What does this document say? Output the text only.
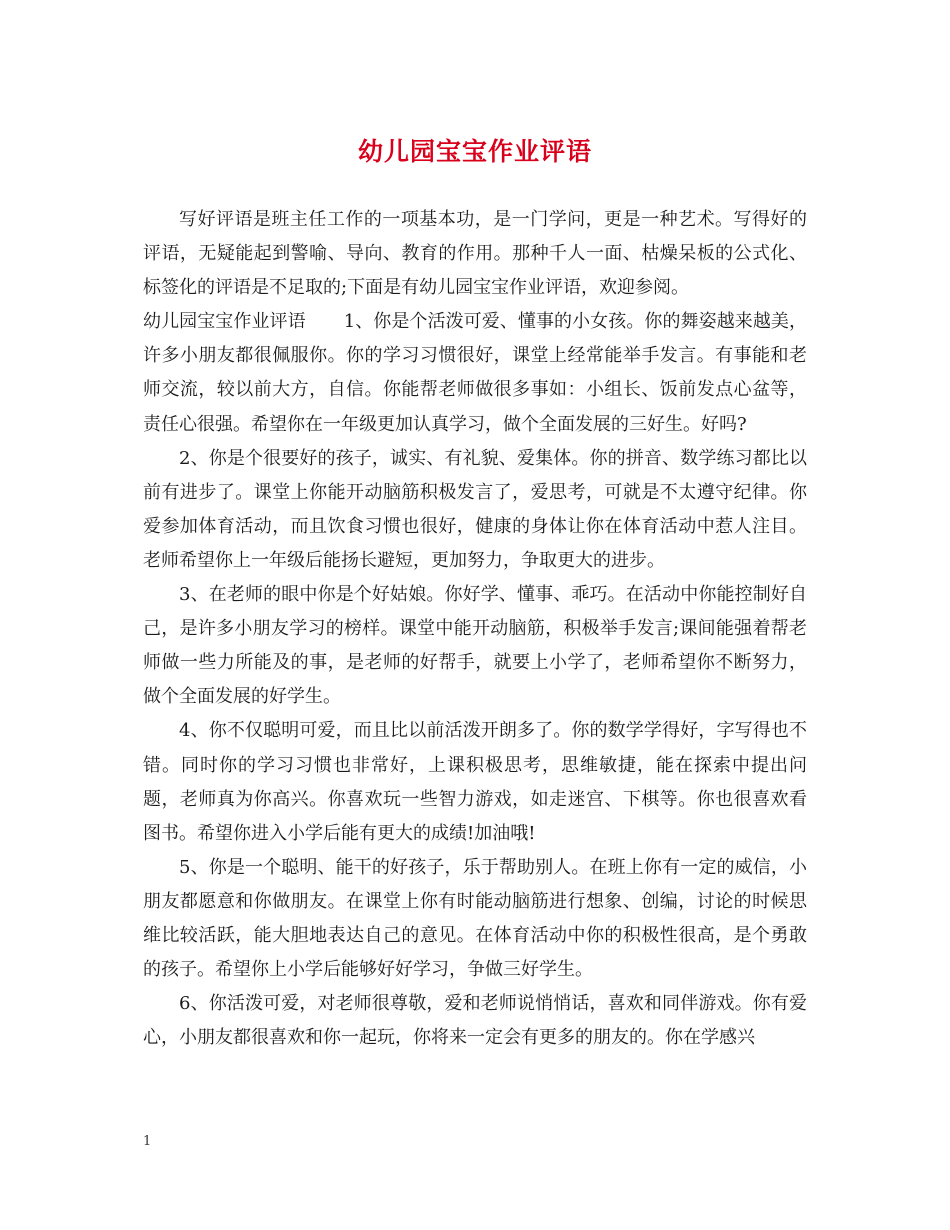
幼儿园宝宝作业评语

写好评语是班主任工作的一项基本功，是一门学问，更是一种艺术。写得好的评语，无疑能起到警喻、导向、教育的作用。那种千人一面、枯燥呆板的公式化、标签化的评语是不足取的;下面是有幼儿园宝宝作业评语，欢迎参阅。

幼儿园宝宝作业评语 1、你是个活泼可爱、懂事的小女孩。你的舞姿越来越美，许多小朋友都很佩服你。你的学习习惯很好，课堂上经常能举手发言。有事能和老师交流，较以前大方，自信。你能帮老师做很多事如：小组长、饭前发点心盆等，责任心很强。希望你在一年级更加认真学习，做个全面发展的三好生。好吗?

2、你是个很要好的孩子，诚实、有礼貌、爱集体。你的拼音、数学练习都比以前有进步了。课堂上你能开动脑筋积极发言了，爱思考，可就是不太遵守纪律。你爱参加体育活动，而且饮食习惯也很好，健康的身体让你在体育活动中惹人注目。老师希望你上一年级后能扬长避短，更加努力，争取更大的进步。

3、在老师的眼中你是个好姑娘。你好学、懂事、乖巧。在活动中你能控制好自己，是许多小朋友学习的榜样。课堂中能开动脑筋，积极举手发言;课间能强着帮老师做一些力所能及的事，是老师的好帮手，就要上小学了，老师希望你不断努力，做个全面发展的好学生。

4、你不仅聪明可爱，而且比以前活泼开朗多了。你的数学学得好，字写得也不错。同时你的学习习惯也非常好，上课积极思考，思维敏捷，能在探索中提出问题，老师真为你高兴。你喜欢玩一些智力游戏，如走迷宫、下棋等。你也很喜欢看图书。希望你进入小学后能有更大的成绩!加油哦!

5、你是一个聪明、能干的好孩子，乐于帮助别人。在班上你有一定的威信，小朋友都愿意和你做朋友。在课堂上你有时能动脑筋进行想象、创编，讨论的时候思维比较活跃，能大胆地表达自己的意见。在体育活动中你的积极性很高，是个勇敢的孩子。希望你上小学后能够好好学习，争做三好学生。

6、你活泼可爱，对老师很尊敬，爱和老师说悄悄话，喜欢和同伴游戏。你有爱心，小朋友都很喜欢和你一起玩，你将来一定会有更多的朋友的。你在学感兴

1
